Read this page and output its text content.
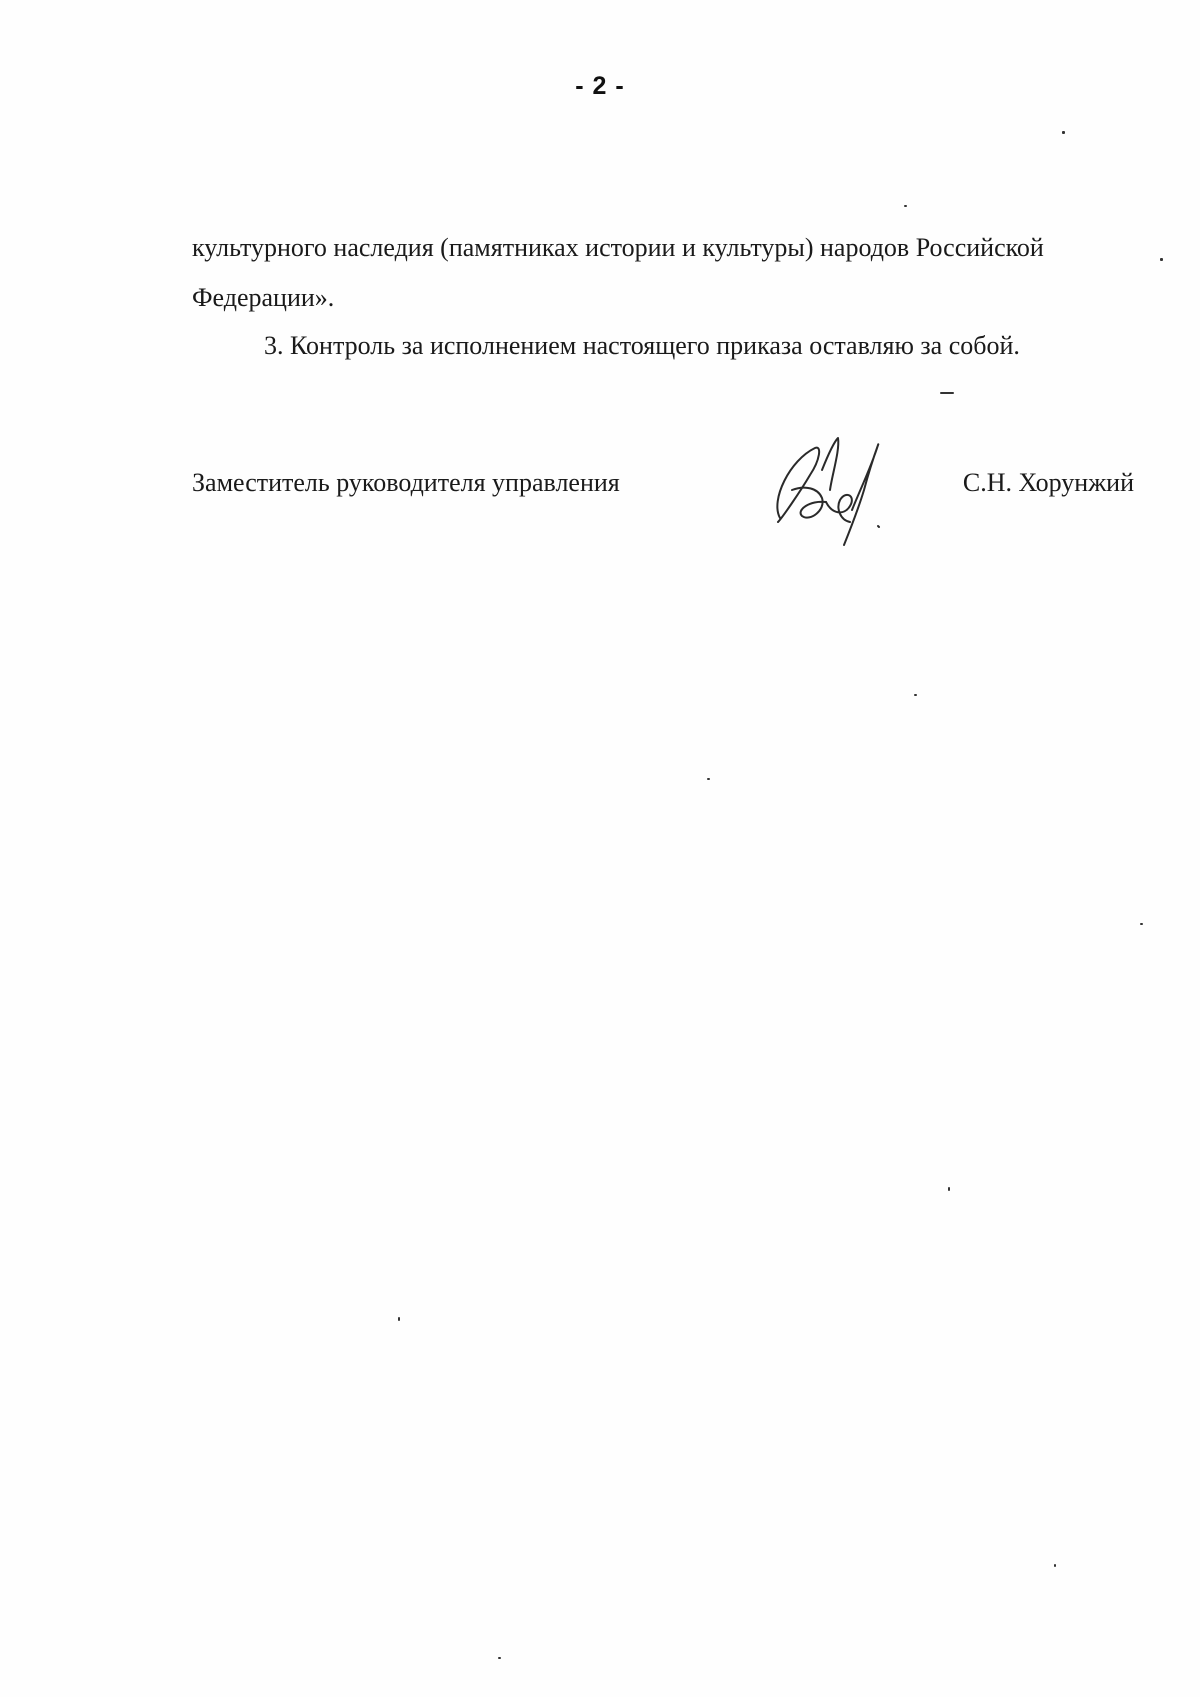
- 2 -
культурного наследия (памятниках истории и культуры) народов Российской
Федерации».
3. Контроль за исполнением настоящего приказа оставляю за собой.
Заместитель руководителя управления	С.Н. Хорунжий
